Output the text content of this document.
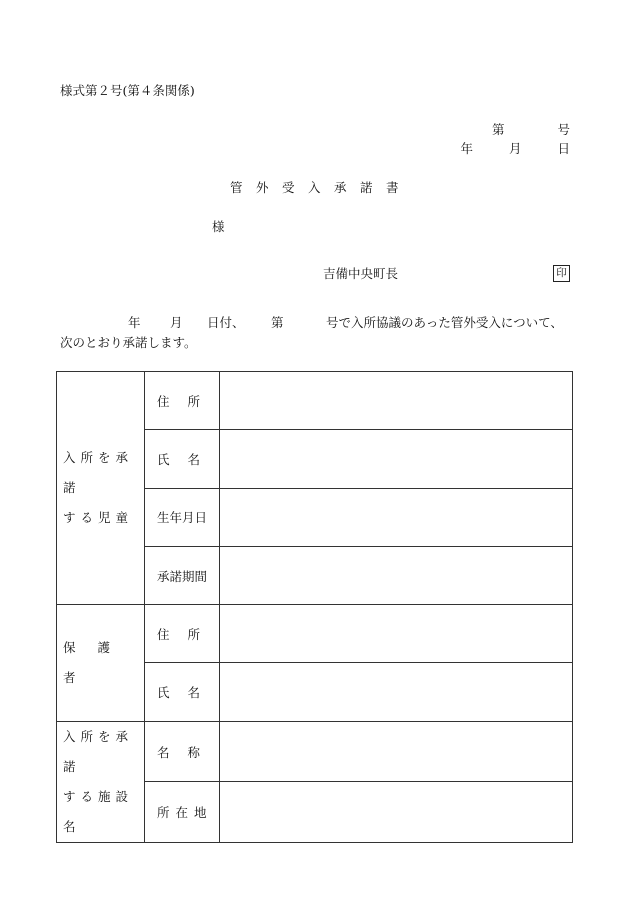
様式第２号(第４条関係)
第	号
年	月	日
管外受入承諾書
様
吉備中央町長	印
年 月 日付、 第	号で入所協議のあった管外受入について、
次のとおり承諾します。
入所を承諾
する児童	住所	
	氏名	
	生年月日	
	承諾期間	

保護者	住所	
	氏名	

入所を承諾
する施設名	名称	
	所在地	
